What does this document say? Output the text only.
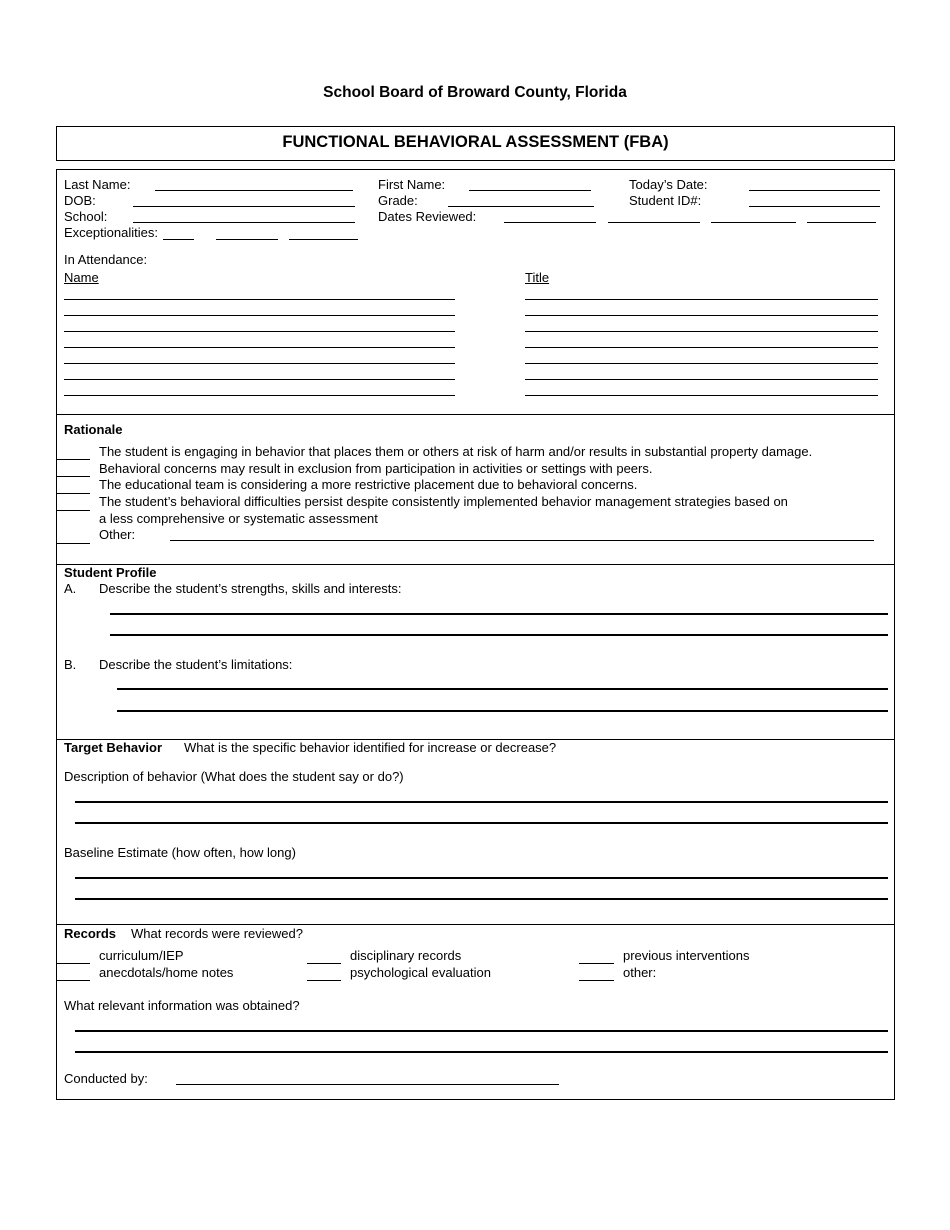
School Board of Broward County, Florida
FUNCTIONAL BEHAVIORAL ASSESSMENT (FBA)
Last Name:
DOB:
School:
Exceptionalities:
First Name:
Grade:
Dates Reviewed:
Today’s Date:
Student ID#:
In Attendance:
Name	Title
Rationale
The student is engaging in behavior that places them or others at risk of harm and/or results in substantial property damage.
Behavioral concerns may result in exclusion from participation in activities or settings with peers.
The educational team is considering a more restrictive placement due to behavioral concerns.
The student’s behavioral difficulties persist despite consistently implemented behavior management strategies based on
a less comprehensive or systematic assessment
Other:
Student Profile
A. Describe the student’s strengths, skills and interests:
B. Describe the student’s limitations:
Target Behavior What is the specific behavior identified for increase or decrease?
Description of behavior (What does the student say or do?)
Baseline Estimate (how often, how long)
Records What records were reviewed?
curriculum/IEP
anecdotals/home notes
disciplinary records
psychological evaluation
previous interventions
other:
What relevant information was obtained?
Conducted by:
